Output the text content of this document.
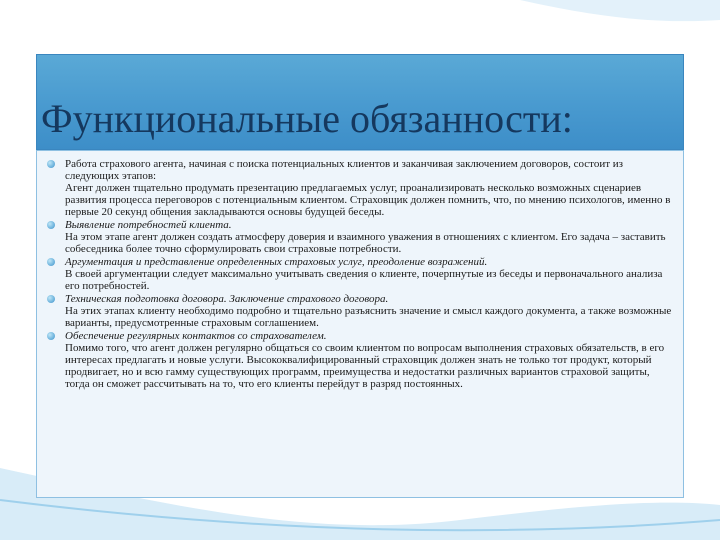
Функциональные обязанности:
Работа страхового агента, начиная с поиска потенциальных клиентов и заканчивая заключением договоров, состоит из следующих этапов:
Агент должен тщательно продумать презентацию предлагаемых услуг, проанализировать несколько возможных сценариев развития процесса переговоров с потенциальным клиентом. Страховщик должен помнить, что, по мнению психологов, именно в первые 20 секунд общения закладываются основы будущей беседы.
Выявление потребностей клиента.
На этом этапе агент должен создать атмосферу доверия и взаимного уважения в отношениях с клиентом. Его задача – заставить собеседника более точно сформулировать свои страховые потребности.
Аргументация и представление определенных страховых услуг, преодоление возражений.
В своей аргументации следует максимально учитывать сведения о клиенте, почерпнутые из беседы и первоначального анализа его потребностей.
Техническая подготовка договора. Заключение страхового договора.
На этих этапах клиенту необходимо подробно и тщательно разъяснить значение и смысл каждого документа, а также возможные варианты, предусмотренные страховым соглашением.
Обеспечение регулярных контактов со страхователем.
Помимо того, что агент должен регулярно общаться со своим клиентом по вопросам выполнения страховых обязательств, в его интересах предлагать и новые услуги. Высококвалифицированный страховщик должен знать не только тот продукт, который продвигает, но и всю гамму существующих программ, преимущества и недостатки различных вариантов страховой защиты, тогда он сможет рассчитывать на то, что его клиенты перейдут в разряд постоянных.
